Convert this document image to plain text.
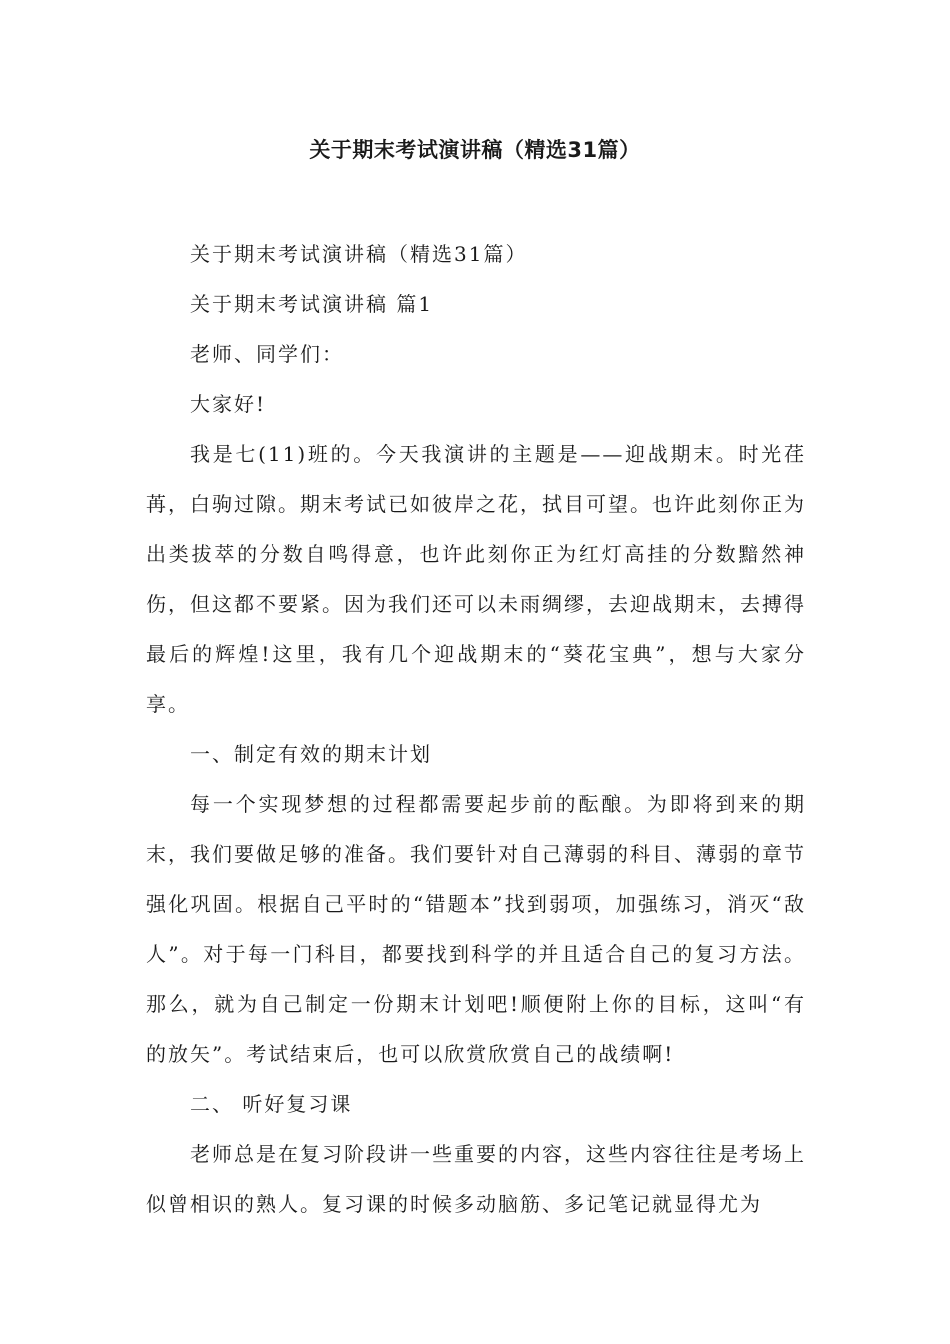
关于期末考试演讲稿（精选31篇）

关于期末考试演讲稿（精选31篇）

关于期末考试演讲稿 篇1

老师、同学们：

大家好!

我是七(11)班的。今天我演讲的主题是——迎战期末。时光荏苒，白驹过隙。期末考试已如彼岸之花，拭目可望。也许此刻你正为出类拔萃的分数自鸣得意，也许此刻你正为红灯高挂的分数黯然神伤，但这都不要紧。因为我们还可以未雨绸缪，去迎战期末，去搏得最后的辉煌!这里，我有几个迎战期末的“葵花宝典”，想与大家分享。

一、制定有效的期末计划

每一个实现梦想的过程都需要起步前的酝酿。为即将到来的期末，我们要做足够的准备。我们要针对自己薄弱的科目、薄弱的章节强化巩固。根据自己平时的“错题本”找到弱项，加强练习，消灭“敌人”。对于每一门科目，都要找到科学的并且适合自己的复习方法。那么，就为自己制定一份期末计划吧!顺便附上你的目标，这叫“有的放矢”。考试结束后，也可以欣赏欣赏自己的战绩啊!

二、 听好复习课

老师总是在复习阶段讲一些重要的内容，这些内容往往是考场上似曾相识的熟人。复习课的时候多动脑筋、多记笔记就显得尤为
